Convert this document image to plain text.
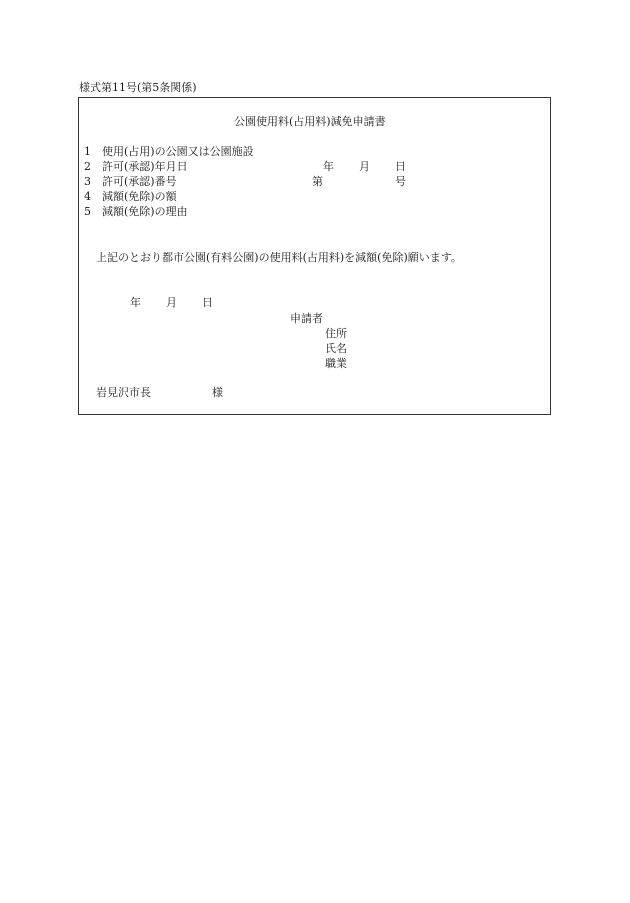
様式第11号(第5条関係)
公園使用料(占用料)減免申請書
1 使用(占用)の公園又は公園施設
2 許可(承認)年月日
3 許可(承認)番号
4 減額(免除)の額
5 減額(免除)の理由
年 月 日
第	号
上記のとおり都市公園(有料公園)の使用料(占用料)を減額(免除)願います。
年 月 日
申請者
住所
氏名
職業
岩見沢市長	様
